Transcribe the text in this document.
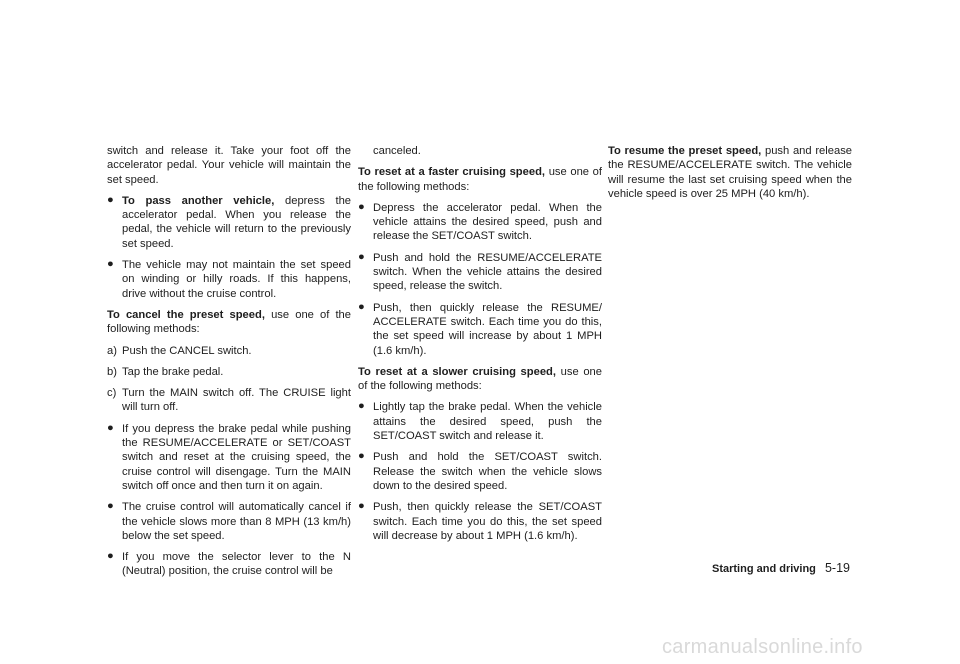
switch and release it. Take your foot off the accelerator pedal. Your vehicle will maintain the set speed.

● To pass another vehicle, depress the accelerator pedal. When you release the pedal, the vehicle will return to the previously set speed.
● The vehicle may not maintain the set speed on winding or hilly roads. If this happens, drive without the cruise control.

To cancel the preset speed, use one of the following methods:

a) Push the CANCEL switch.
b) Tap the brake pedal.
c) Turn the MAIN switch off. The CRUISE light will turn off.
● If you depress the brake pedal while pushing the RESUME/ACCELERATE or SET/COAST switch and reset at the cruising speed, the cruise control will disengage. Turn the MAIN switch off once and then turn it on again.
● The cruise control will automatically cancel if the vehicle slows more than 8 MPH (13 km/h) below the set speed.
● If you move the selector lever to the N (Neutral) position, the cruise control will be

canceled.

To reset at a faster cruising speed, use one of the following methods:

● Depress the accelerator pedal. When the vehicle attains the desired speed, push and release the SET/COAST switch.
● Push and hold the RESUME/ACCELERATE switch. When the vehicle attains the desired speed, release the switch.
● Push, then quickly release the RESUME/ ACCELERATE switch. Each time you do this, the set speed will increase by about 1 MPH (1.6 km/h).

To reset at a slower cruising speed, use one of the following methods:

● Lightly tap the brake pedal. When the vehicle attains the desired speed, push the SET/COAST switch and release it.
● Push and hold the SET/COAST switch. Release the switch when the vehicle slows down to the desired speed.
● Push, then quickly release the SET/COAST switch. Each time you do this, the set speed will decrease by about 1 MPH (1.6 km/h).

To resume the preset speed, push and release the RESUME/ACCELERATE switch. The vehicle will resume the last set cruising speed when the vehicle speed is over 25 MPH (40 km/h).

Starting and driving 5-19
carmanualsonline.info
